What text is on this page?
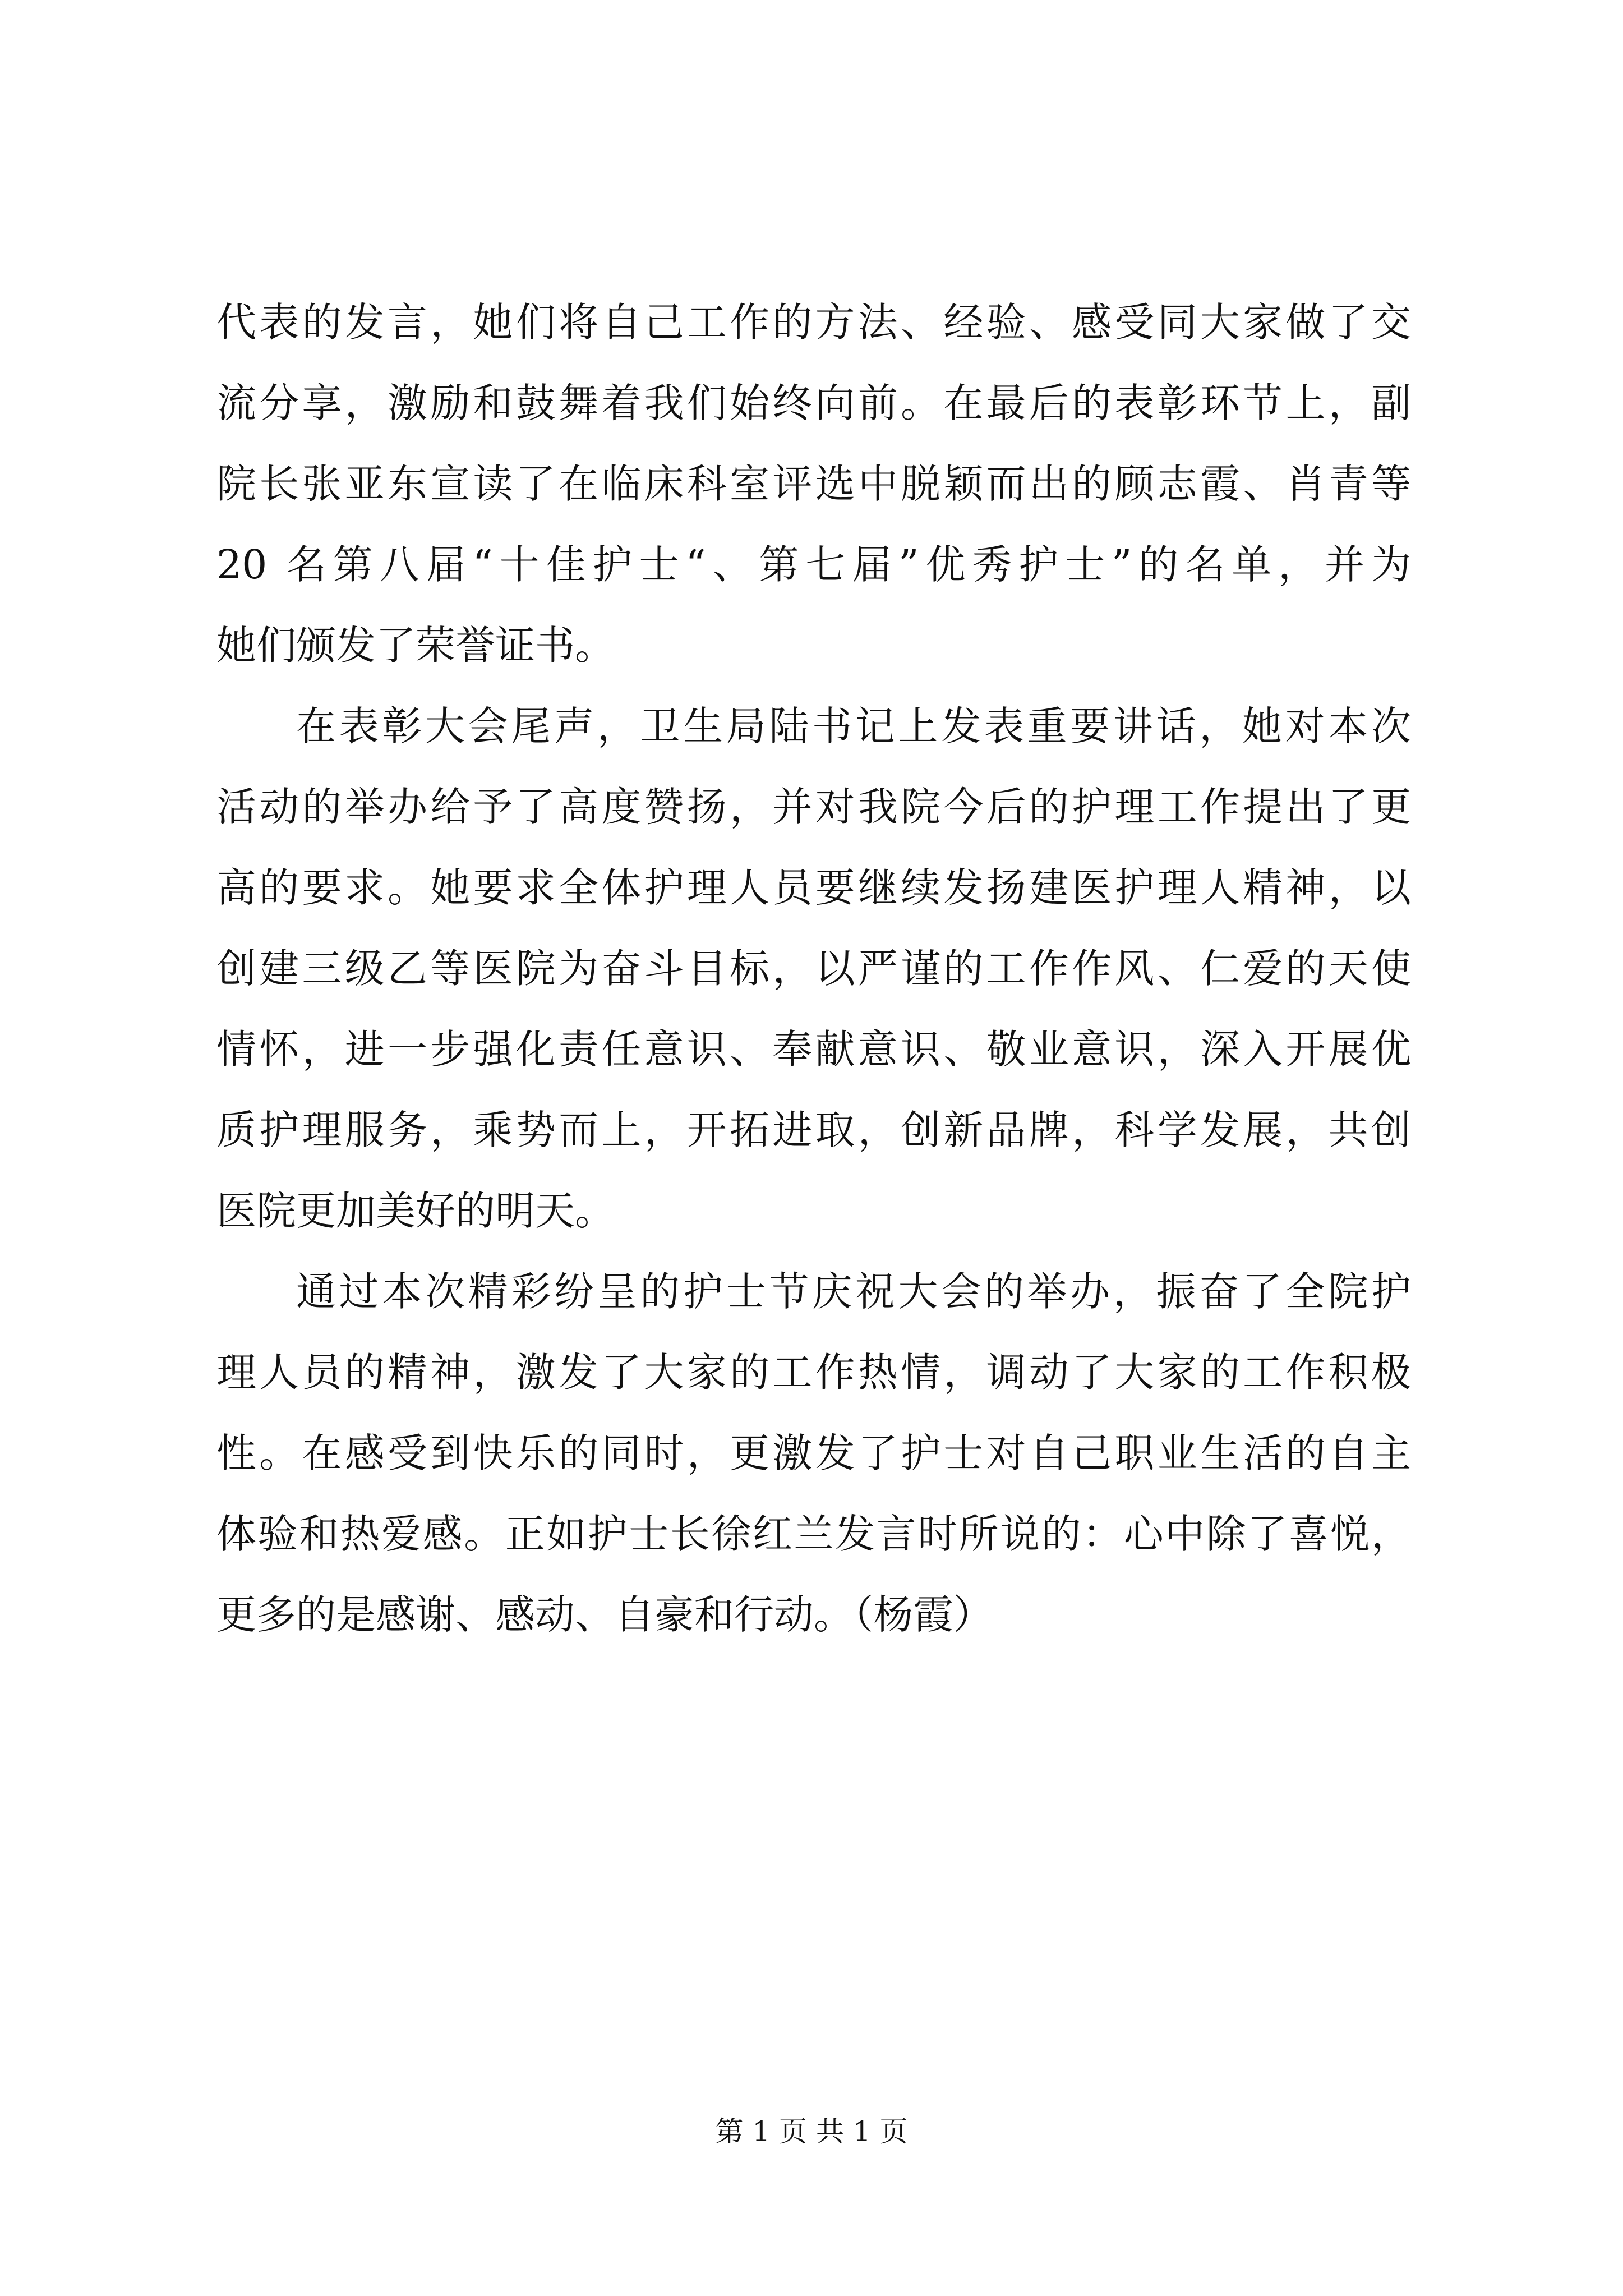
代表的发言，她们将自己工作的方法、经验、感受同大家做了交
流分享，激励和鼓舞着我们始终向前。在最后的表彰环节上，副
院长张亚东宣读了在临床科室评选中脱颖而出的顾志霞、肖青等
20 名第八届“十佳护士“、第七届”优秀护士”的名单，并为
她们颁发了荣誉证书。
在表彰大会尾声，卫生局陆书记上发表重要讲话，她对本次
活动的举办给予了高度赞扬，并对我院今后的护理工作提出了更
高的要求。她要求全体护理人员要继续发扬建医护理人精神，以
创建三级乙等医院为奋斗目标，以严谨的工作作风、仁爱的天使
情怀，进一步强化责任意识、奉献意识、敬业意识，深入开展优
质护理服务，乘势而上，开拓进取，创新品牌，科学发展，共创
医院更加美好的明天。
通过本次精彩纷呈的护士节庆祝大会的举办，振奋了全院护
理人员的精神，激发了大家的工作热情，调动了大家的工作积极
性。在感受到快乐的同时，更激发了护士对自己职业生活的自主
体验和热爱感。正如护士长徐红兰发言时所说的：心中除了喜悦，
更多的是感谢、感动、自豪和行动。（杨霞）
第 1 页 共 1 页
